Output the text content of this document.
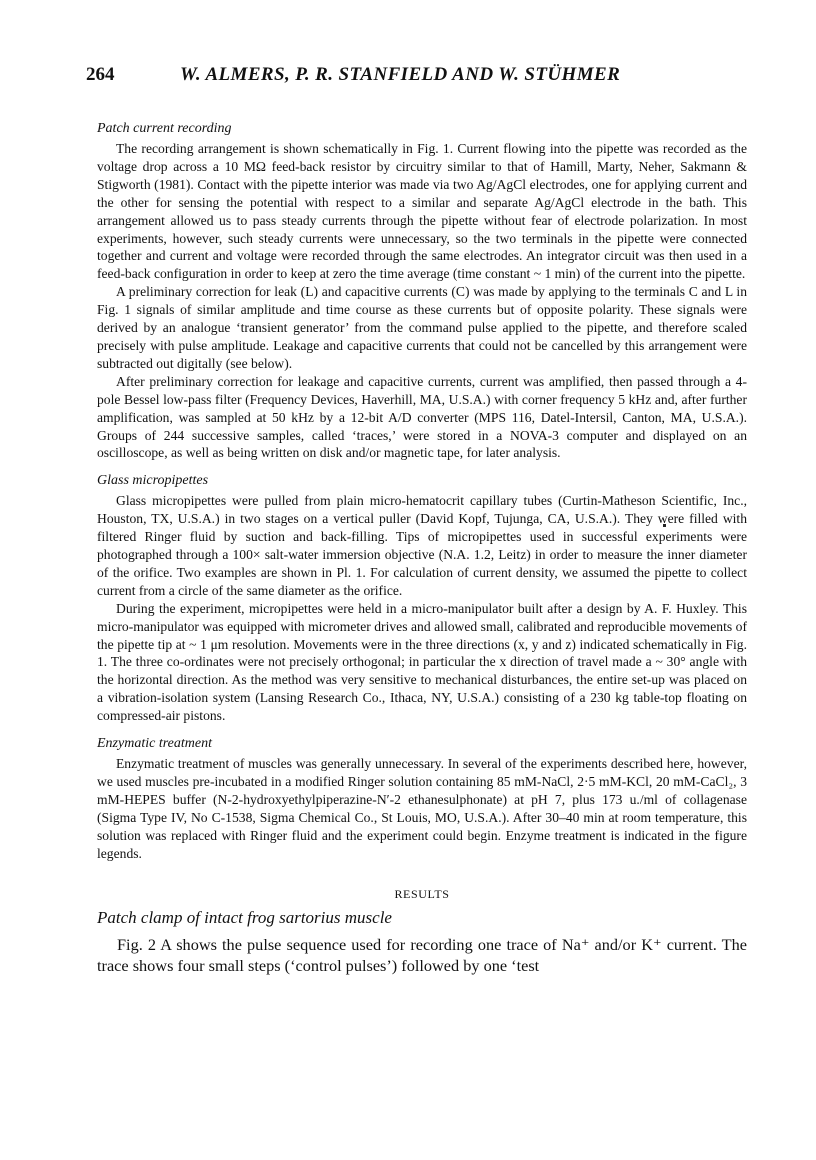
264	W. ALMERS, P. R. STANFIELD AND W. STÜHMER

Patch current recording

The recording arrangement is shown schematically in Fig. 1. Current flowing into the pipette was recorded as the voltage drop across a 10 MΩ feed-back resistor by circuitry similar to that of Hamill, Marty, Neher, Sakmann & Stigworth (1981). Contact with the pipette interior was made via two Ag/AgCl electrodes, one for applying current and the other for sensing the potential with respect to a similar and separate Ag/AgCl electrode in the bath. This arrangement allowed us to pass steady currents through the pipette without fear of electrode polarization. In most experiments, however, such steady currents were unnecessary, so the two terminals in the pipette were connected together and current and voltage were recorded through the same electrodes. An integrator circuit was then used in a feed-back configuration in order to keep at zero the time average (time constant ~ 1 min) of the current into the pipette.

A preliminary correction for leak (L) and capacitive currents (C) was made by applying to the terminals C and L in Fig. 1 signals of similar amplitude and time course as these currents but of opposite polarity. These signals were derived by an analogue ‘transient generator’ from the command pulse applied to the pipette, and therefore scaled precisely with pulse amplitude. Leakage and capacitive currents that could not be cancelled by this arrangement were subtracted out digitally (see below).

After preliminary correction for leakage and capacitive currents, current was amplified, then passed through a 4-pole Bessel low-pass filter (Frequency Devices, Haverhill, MA, U.S.A.) with corner frequency 5 kHz and, after further amplification, was sampled at 50 kHz by a 12-bit A/D converter (MPS 116, Datel-Intersil, Canton, MA, U.S.A.). Groups of 244 successive samples, called ‘traces,’ were stored in a NOVA-3 computer and displayed on an oscilloscope, as well as being written on disk and/or magnetic tape, for later analysis.

Glass micropipettes

Glass micropipettes were pulled from plain micro-hematocrit capillary tubes (Curtin-Matheson Scientific, Inc., Houston, TX, U.S.A.) in two stages on a vertical puller (David Kopf, Tujunga, CA, U.S.A.). They were filled with filtered Ringer fluid by suction and back-filling. Tips of micropipettes used in successful experiments were photographed through a 100× salt-water immersion objective (N.A. 1.2, Leitz) in order to measure the inner diameter of the orifice. Two examples are shown in Pl. 1. For calculation of current density, we assumed the pipette to collect current from a circle of the same diameter as the orifice.

During the experiment, micropipettes were held in a micro-manipulator built after a design by A. F. Huxley. This micro-manipulator was equipped with micrometer drives and allowed small, calibrated and reproducible movements of the pipette tip at ~ 1 μm resolution. Movements were in the three directions (x, y and z) indicated schematically in Fig. 1. The three co-ordinates were not precisely orthogonal; in particular the x direction of travel made a ~ 30° angle with the horizontal direction. As the method was very sensitive to mechanical disturbances, the entire set-up was placed on a vibration-isolation system (Lansing Research Co., Ithaca, NY, U.S.A.) consisting of a 230 kg table-top floating on compressed-air pistons.

Enzymatic treatment

Enzymatic treatment of muscles was generally unnecessary. In several of the experiments described here, however, we used muscles pre-incubated in a modified Ringer solution containing 85 mM-NaCl, 2·5 mM-KCl, 20 mM-CaCl₂, 3 mM-HEPES buffer (N-2-hydroxyethylpiperazine-N′-2 ethanesulphonate) at pH 7, plus 173 u./ml of collagenase (Sigma Type IV, No C-1538, Sigma Chemical Co., St Louis, MO, U.S.A.). After 30–40 min at room temperature, this solution was replaced with Ringer fluid and the experiment could begin. Enzyme treatment is indicated in the figure legends.

RESULTS

Patch clamp of intact frog sartorius muscle

Fig. 2 A shows the pulse sequence used for recording one trace of Na⁺ and/or K⁺ current. The trace shows four small steps (‘control pulses’) followed by one ‘test
